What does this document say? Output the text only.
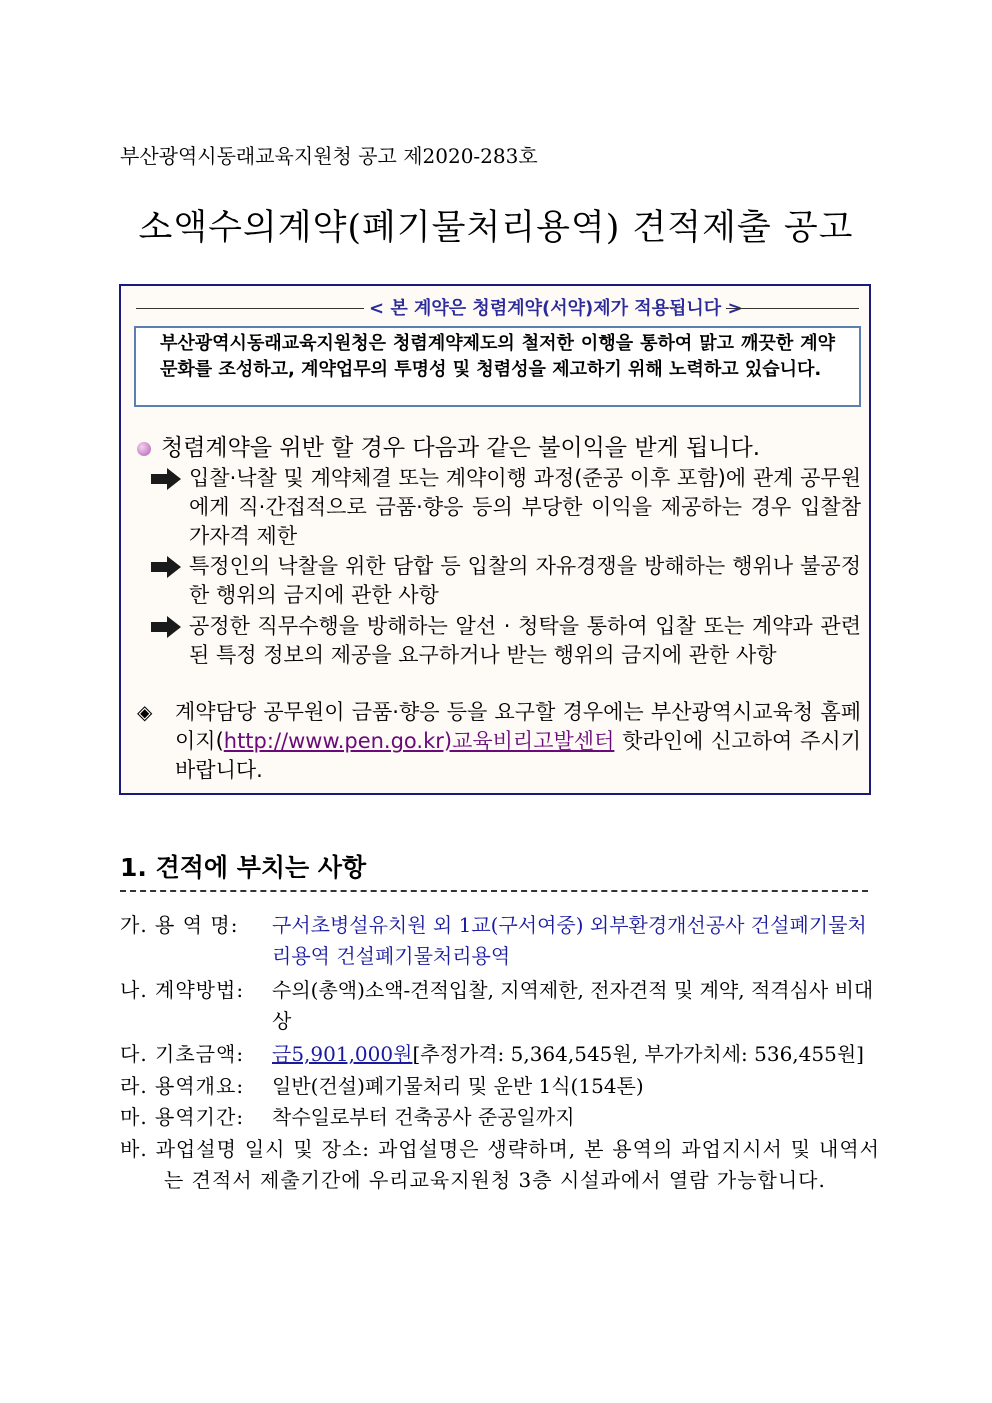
부산광역시동래교육지원청 공고 제2020-283호
소액수의계약(폐기물처리용역) 견적제출 공고
< 본 계약은 청렴계약(서약)제가 적용됩니다 >
부산광역시동래교육지원청은 청렴계약제도의 철저한 이행을 통하여 맑고 깨끗한 계약 문화를 조성하고, 계약업무의 투명성 및 청렴성을 제고하기 위해 노력하고 있습니다.
청렴계약을 위반 할 경우 다음과 같은 불이익을 받게 됩니다.
입찰·낙찰 및 계약체결 또는 계약이행 과정(준공 이후 포함)에 관계 공무원에게 직·간접적으로 금품·향응 등의 부당한 이익을 제공하는 경우 입찰참가자격 제한
특정인의 낙찰을 위한 담합 등 입찰의 자유경쟁을 방해하는 행위나 불공정한 행위의 금지에 관한 사항
공정한 직무수행을 방해하는 알선 · 청탁을 통하여 입찰 또는 계약과 관련된 특정 정보의 제공을 요구하거나 받는 행위의 금지에 관한 사항
◈ 계약담당 공무원이 금품·향응 등을 요구할 경우에는 부산광역시교육청 홈페이지(http://www.pen.go.kr)교육비리고발센터 핫라인에 신고하여 주시기 바랍니다.
1. 견적에 부치는 사항
가. 용 역 명: 구서초병설유치원 외 1교(구서여중) 외부환경개선공사 건설폐기물처리용역 건설폐기물처리용역
나. 계약방법: 수의(총액)소액-견적입찰, 지역제한, 전자견적 및 계약, 적격심사 비대상
다. 기초금액: 금5,901,000원[추정가격: 5,364,545원, 부가가치세: 536,455원]
라. 용역개요: 일반(건설)폐기물처리 및 운반 1식(154톤)
마. 용역기간: 착수일로부터 건축공사 준공일까지
바. 과업설명 일시 및 장소: 과업설명은 생략하며, 본 용역의 과업지시서 및 내역서는 견적서 제출기간에 우리교육지원청 3층 시설과에서 열람 가능합니다.
